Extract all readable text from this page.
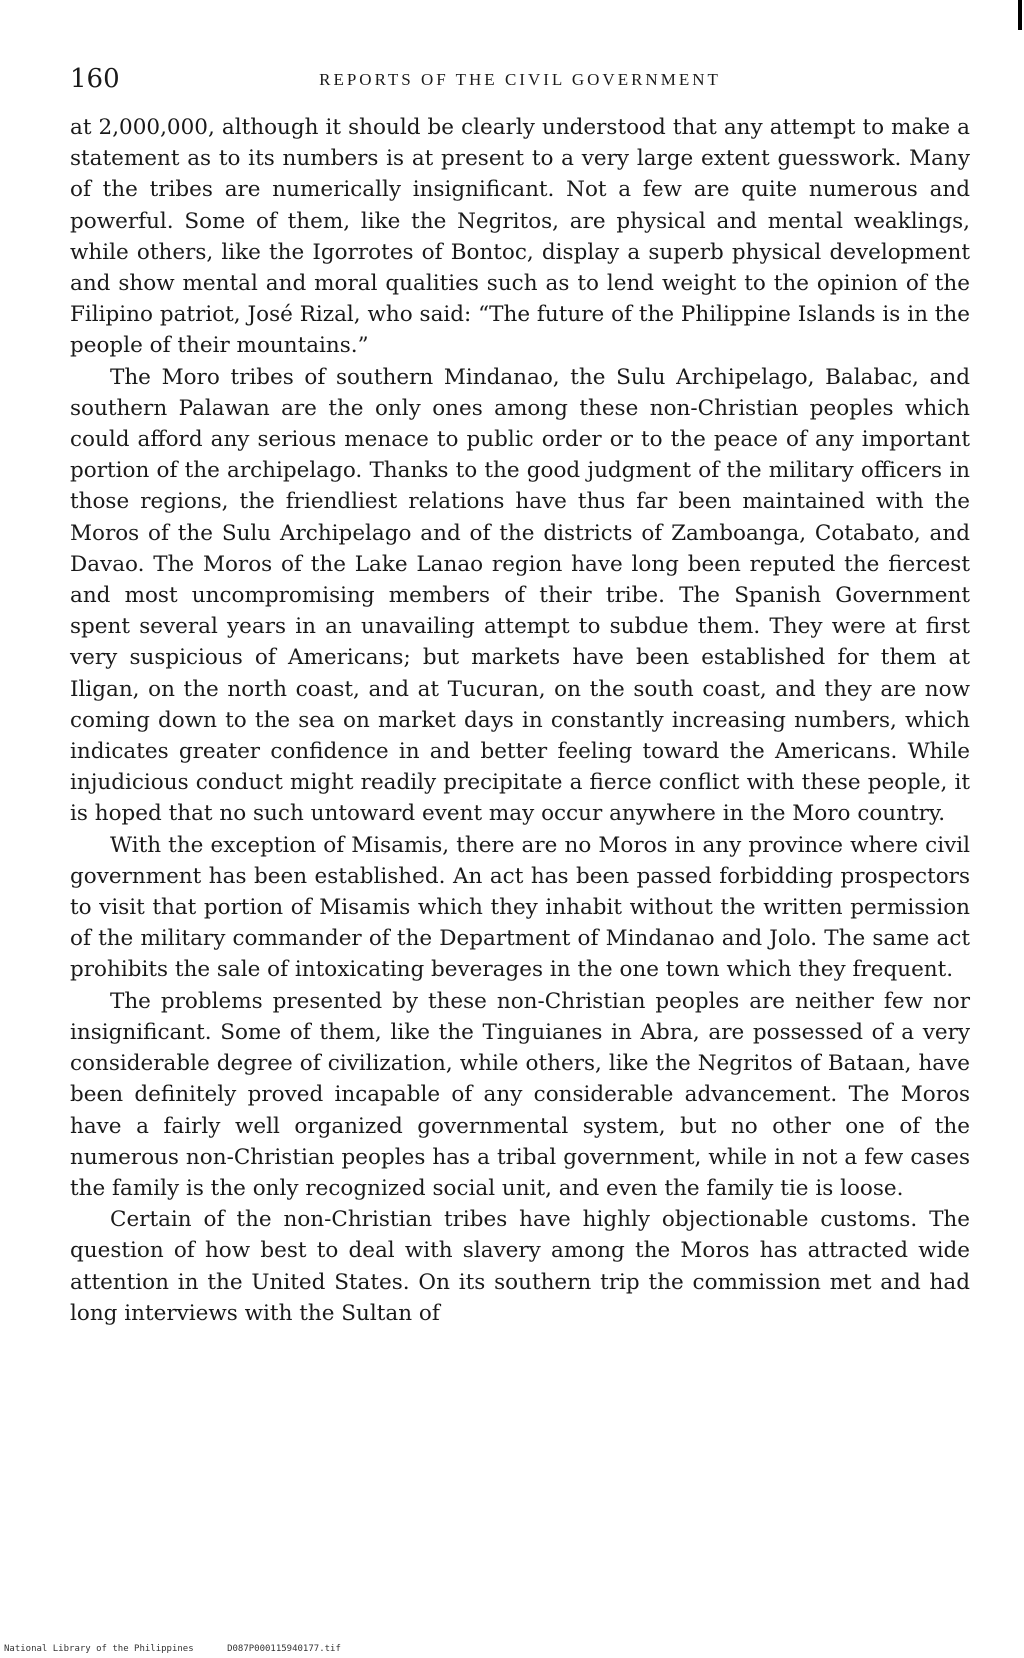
160	REPORTS OF THE CIVIL GOVERNMENT

at 2,000,000, although it should be clearly understood that any attempt to make a statement as to its numbers is at present to a very large extent guesswork. Many of the tribes are numerically insignificant. Not a few are quite numerous and powerful. Some of them, like the Negritos, are physical and mental weaklings, while others, like the Igorrotes of Bontoc, display a superb physical development and show mental and moral qualities such as to lend weight to the opinion of the Filipino patriot, José Rizal, who said: “The future of the Philippine Islands is in the people of their mountains.”

The Moro tribes of southern Mindanao, the Sulu Archipelago, Balabac, and southern Palawan are the only ones among these non-Christian peoples which could afford any serious menace to public order or to the peace of any important portion of the archipelago. Thanks to the good judgment of the military officers in those regions, the friendliest relations have thus far been maintained with the Moros of the Sulu Archipelago and of the districts of Zamboanga, Cotabato, and Davao. The Moros of the Lake Lanao region have long been reputed the fiercest and most uncompromising members of their tribe. The Spanish Government spent several years in an unavailing attempt to subdue them. They were at first very suspicious of Americans; but markets have been established for them at Iligan, on the north coast, and at Tucuran, on the south coast, and they are now coming down to the sea on market days in constantly increasing numbers, which indicates greater confidence in and better feeling toward the Americans. While injudicious conduct might readily precipitate a fierce conflict with these people, it is hoped that no such untoward event may occur anywhere in the Moro country.

With the exception of Misamis, there are no Moros in any province where civil government has been established. An act has been passed forbidding prospectors to visit that portion of Misamis which they inhabit without the written permission of the military commander of the Department of Mindanao and Jolo. The same act prohibits the sale of intoxicating beverages in the one town which they frequent.

The problems presented by these non-Christian peoples are neither few nor insignificant. Some of them, like the Tinguianes in Abra, are possessed of a very considerable degree of civilization, while others, like the Negritos of Bataan, have been definitely proved incapable of any considerable advancement. The Moros have a fairly well organized governmental system, but no other one of the numerous non-Christian peoples has a tribal government, while in not a few cases the family is the only recognized social unit, and even the family tie is loose.

Certain of the non-Christian tribes have highly objectionable customs. The question of how best to deal with slavery among the Moros has attracted wide attention in the United States. On its southern trip the commission met and had long interviews with the Sultan of

National Library of the Philippines	D087P000115940177.tif
